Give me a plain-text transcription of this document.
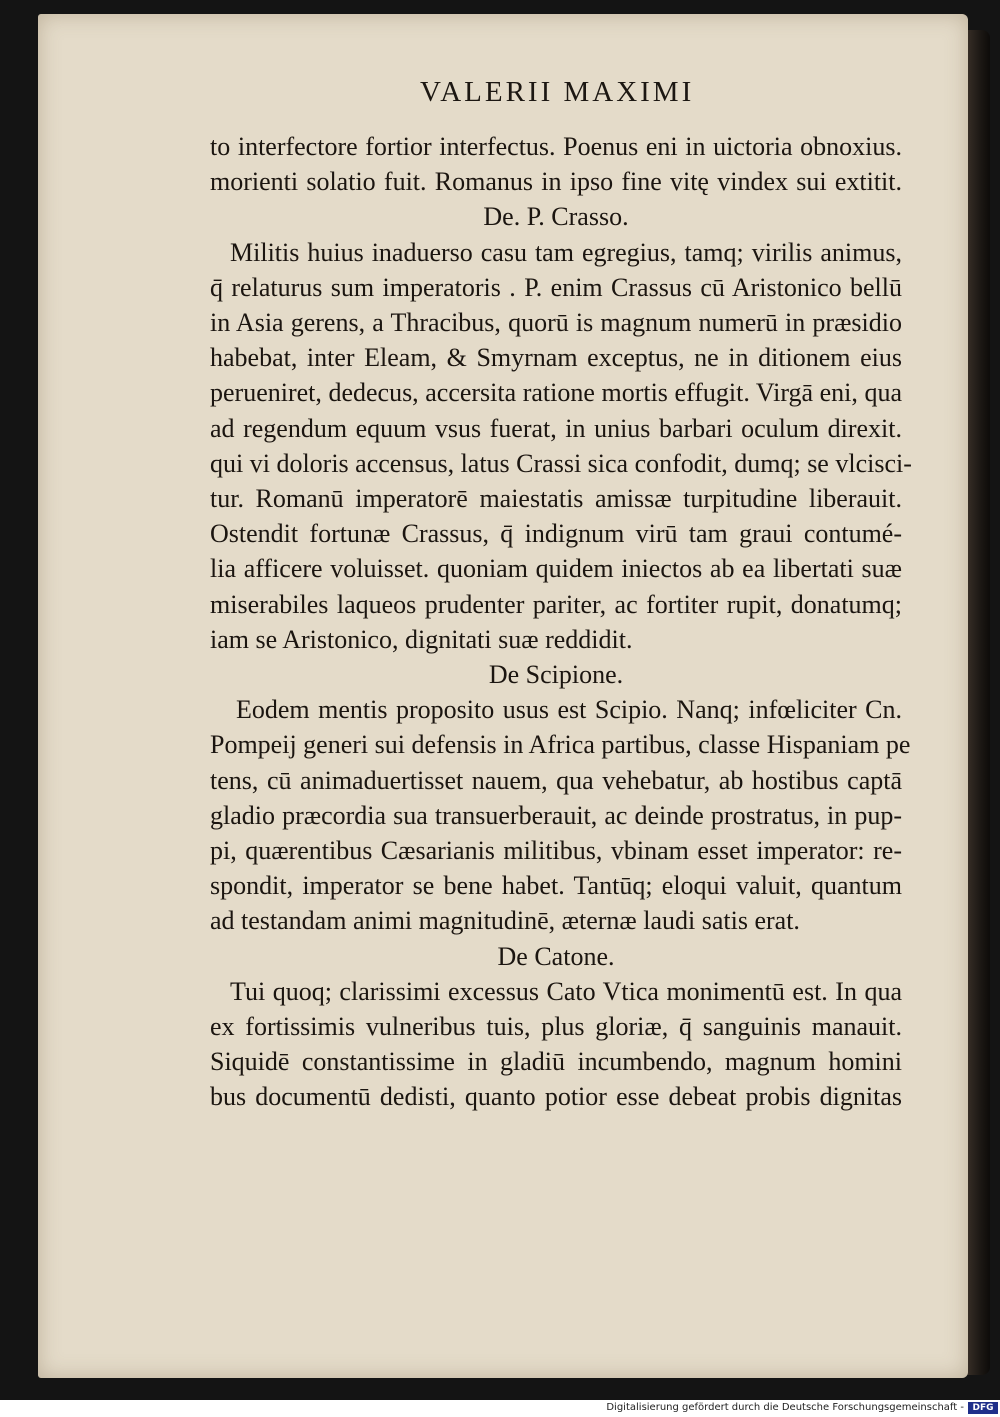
VALERII MAXIMI
to interfectore fortior interfectus. Poenus eni in uictoria obnoxius.
morienti solatio fuit. Romanus in ipso fine vitę vindex sui extitit.
De. P. Crasso.
Militis huius inaduerso casu tam egregius, tamq; virilis animus,
q̄ relaturus sum imperatoris . P. enim Crassus cū Aristonico bellū
in Asia gerens, a Thracibus, quorū is magnum numerū in præsidio
habebat, inter Eleam, & Smyrnam exceptus, ne in ditionem eius
perueniret, dedecus, accersita ratione mortis effugit. Virgā eni, qua
ad regendum equum vsus fuerat, in unius barbari oculum direxit.
qui vi doloris accensus, latus Crassi sica confodit, dumq; se vlcisci-
tur. Romanū imperatorē maiestatis amissæ turpitudine liberauit.
Ostendit fortunæ Crassus, q̄ indignum virū tam graui contumé-
lia afficere voluisset. quoniam quidem iniectos ab ea libertati suæ
miserabiles laqueos prudenter pariter, ac fortiter rupit, donatumq;
iam se Aristonico, dignitati suæ reddidit.
De Scipione.
Eodem mentis proposito usus est Scipio. Nanq; infœliciter Cn.
Pompeij generi sui defensis in Africa partibus, classe Hispaniam pe
tens, cū animaduertisset nauem, qua vehebatur, ab hostibus captā
gladio præcordia sua transuerberauit, ac deinde prostratus, in pup-
pi, quærentibus Cæsarianis militibus, vbinam esset imperator: re-
spondit, imperator se bene habet. Tantūq; eloqui valuit, quantum
ad testandam animi magnitudinē, æternæ laudi satis erat.
De Catone.
Tui quoq; clarissimi excessus Cato Vtica monimentū est. In qua
ex fortissimis vulneribus tuis, plus gloriæ, q̄ sanguinis manauit.
Siquidē constantissime in gladiū incumbendo, magnum homini
bus documentū dedisti, quanto potior esse debeat probis dignitas
Digitalisierung gefördert durch die Deutsche Forschungsgemeinschaft - DFG
